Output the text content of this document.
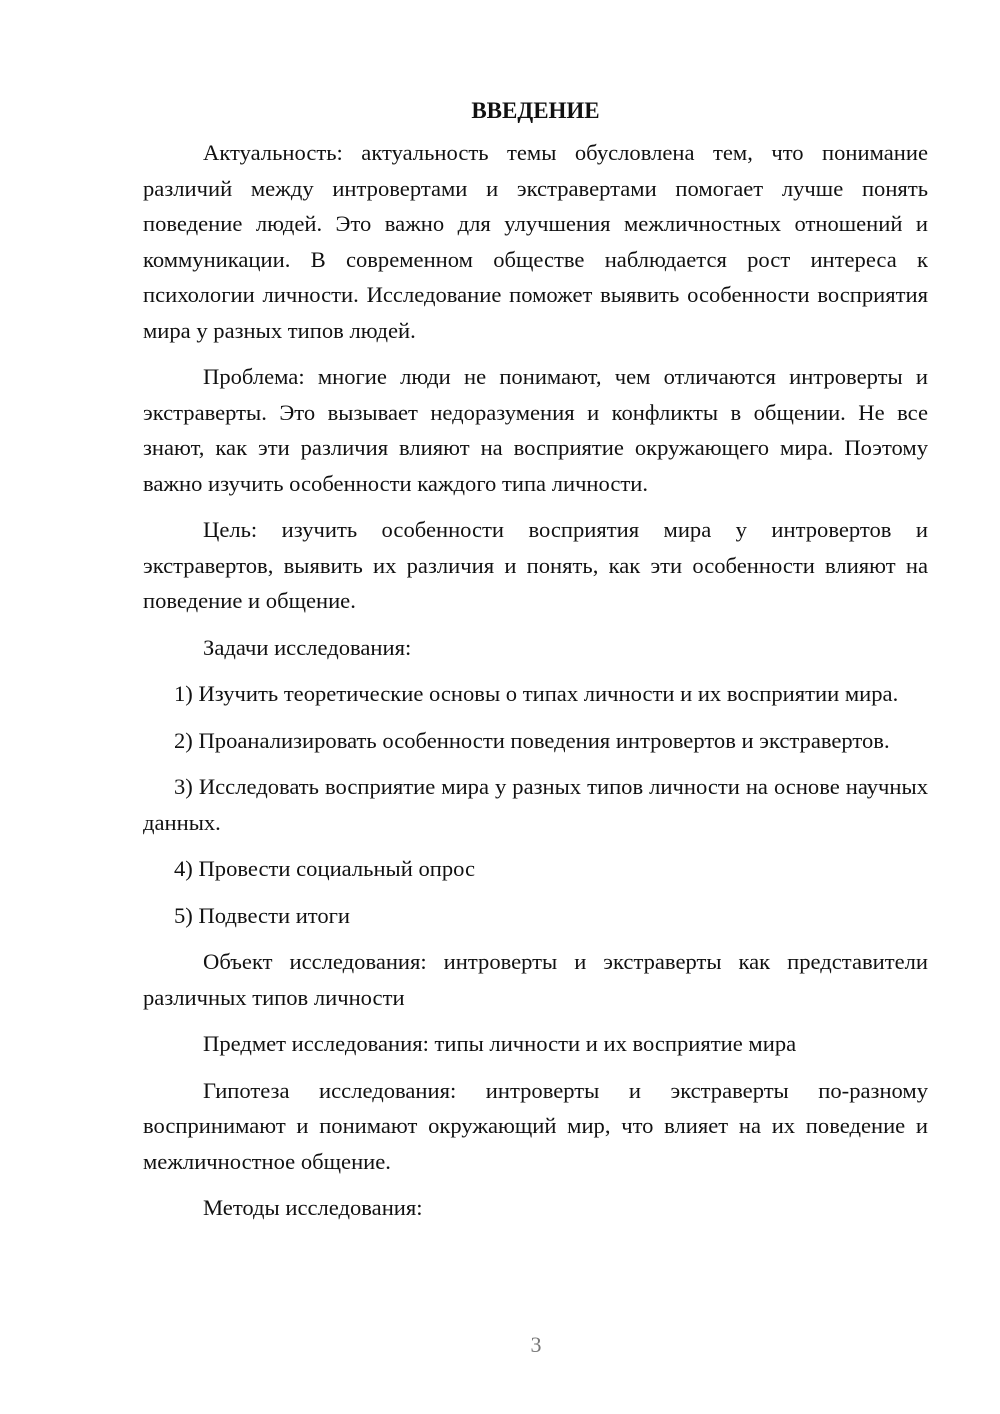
ВВЕДЕНИЕ

Актуальность: актуальность темы обусловлена тем, что понимание различий между интровертами и экстравертами помогает лучше понять поведение людей. Это важно для улучшения межличностных отношений и коммуникации. В современном обществе наблюдается рост интереса к психологии личности. Исследование поможет выявить особенности восприятия мира у разных типов людей.

Проблема: многие люди не понимают, чем отличаются интроверты и экстраверты. Это вызывает недоразумения и конфликты в общении. Не все знают, как эти различия влияют на восприятие окружающего мира. Поэтому важно изучить особенности каждого типа личности.

Цель: изучить особенности восприятия мира у интровертов и экстравертов, выявить их различия и понять, как эти особенности влияют на поведение и общение.

Задачи исследования:

1) Изучить теоретические основы о типах личности и их восприятии мира.

2) Проанализировать особенности поведения интровертов и экстравертов.

3) Исследовать восприятие мира у разных типов личности на основе научных данных.

4) Провести социальный опрос

5) Подвести итоги

Объект исследования: интроверты и экстраверты как представители различных типов личности

Предмет исследования: типы личности и их восприятие мира

Гипотеза исследования: интроверты и экстраверты по-разному воспринимают и понимают окружающий мир, что влияет на их поведение и межличностное общение.

Методы исследования:

3
